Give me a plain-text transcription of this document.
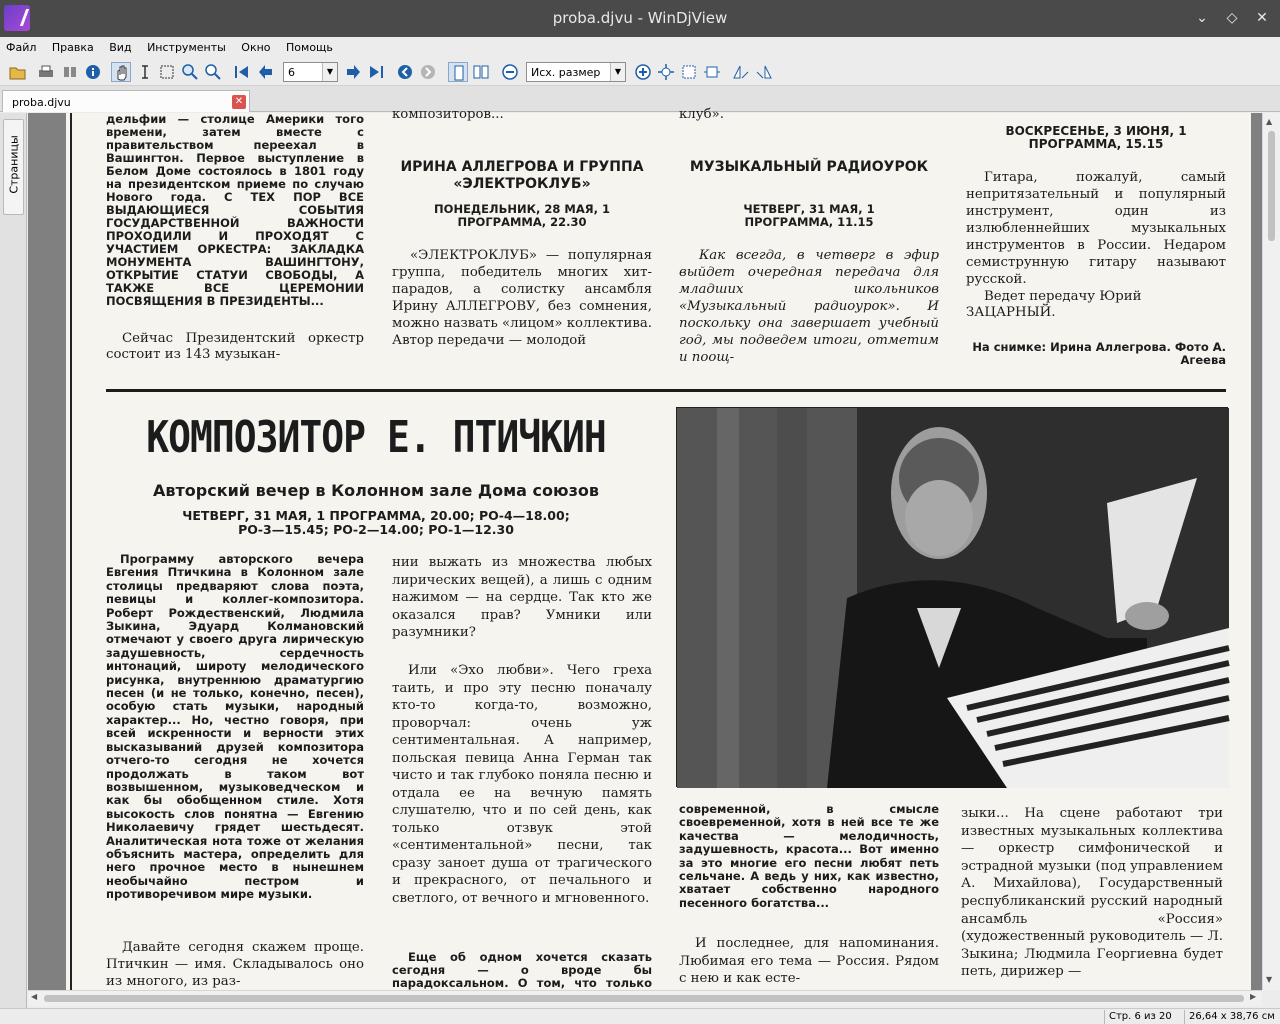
proba.djvu - WinDjView	⌄	◇	✕
Файл Правка Вид Инструменты Окно Помощь
6	▼	Исх. размер	▼
proba.djvu	✕
Страницы
дельфии — столице Америки того времени, затем вместе с правительством переехал в Вашингтон. Первое выступление в Белом Доме состоялось в 1801 году на президентском приеме по случаю Нового года. С ТЕХ ПОР ВСЕ ВЫДАЮЩИЕСЯ СОБЫТИЯ ГОСУДАРСТВЕННОЙ ВАЖНОСТИ ПРОХОДИЛИ И ПРОХОДЯТ С УЧАСТИЕМ ОРКЕСТРА: ЗАКЛАДКА МОНУМЕНТА ВАШИНГТОНУ, ОТКРЫТИЕ СТАТУИ СВОБОДЫ, А ТАКЖЕ ВСЕ ЦЕРЕМОНИИ ПОСВЯЩЕНИЯ В ПРЕЗИДЕНТЫ...
Сейчас Президентский оркестр состоит из 143 музыкан-
композиторов...
ИРИНА АЛЛЕГРОВА И ГРУППА «ЭЛЕКТРОКЛУБ»
ПОНЕДЕЛЬНИК, 28 МАЯ, 1 ПРОГРАММА, 22.30
«ЭЛЕКТРОКЛУБ» — популярная группа, победитель многих хит-парадов, а солистку ансамбля Ирину АЛЛЕГРОВУ, без сомнения, можно назвать «лицом» коллектива. Автор передачи — молодой
клуб».
МУЗЫКАЛЬНЫЙ РАДИОУРОК
ЧЕТВЕРГ, 31 МАЯ, 1 ПРОГРАММА, 11.15
Как всегда, в четверг в эфир выйдет очередная передача для младших школьников «Музыкальный радиоурок». И поскольку она завершает учебный год, мы подведем итоги, отметим и поощ-
ВОСКРЕСЕНЬЕ, 3 ИЮНЯ, 1 ПРОГРАММА, 15.15
Гитара, пожалуй, самый непритязательный и популярный инструмент, один из излюбленнейших музыкальных инструментов в России. Недаром семиструнную гитару называют русской.
Ведет передачу Юрий ЗАЦАРНЫЙ.
На снимке: Ирина Аллегрова. Фото А. Агеева
КОМПОЗИТОР Е. ПТИЧКИН
Авторский вечер в Колонном зале Дома союзов
ЧЕТВЕРГ, 31 МАЯ, 1 ПРОГРАММА, 20.00; РО-4—18.00; РО-3—15.45; РО-2—14.00; РО-1—12.30
Программу авторского вечера Евгения Птичкина в Колонном зале столицы предваряют слова поэта, певицы и коллег-композитора. Роберт Рождественский, Людмила Зыкина, Эдуард Колмановский отмечают у своего друга лирическую задушевность, сердечность интонаций, широту мелодического рисунка, внутреннюю драматургию песен (и не только, конечно, песен), особую стать музыки, народный характер... Но, честно говоря, при всей искренности и верности этих высказываний друзей композитора отчего-то сегодня не хочется продолжать в таком вот возвышенном, музыковедческом и как бы обобщенном стиле. Хотя высокость слов понятна — Евгению Николаевичу грядет шестьдесят. Аналитическая нота тоже от желания объяснить мастера, определить для него прочное место в нынешнем необычайно пестром и противоречивом мире музыки.
Давайте сегодня скажем проще. Птичкин — имя. Складывалось оно из многого, из раз-
нии выжать из множества любых лирических вещей), а лишь с одним нажимом — на сердце. Так кто же оказался прав? Умники или разумники?
Или «Эхо любви». Чего греха таить, и про эту песню поначалу кто-то когда-то, возможно, проворчал: очень уж сентиментальная. А например, польская певица Анна Герман так чисто и так глубоко поняла песню и отдала ее на вечную память слушателю, что и по сей день, как только отзвук этой «сентиментальной» песни, так сразу заноет душа от трагического и прекрасного, от печального и светлого, от вечного и мгновенного.
Еще об одном хочется сказать сегодня — о вроде бы парадоксальном. О том, что только
современной, в смысле своевременной, хотя в ней все те же качества — мелодичность, задушевность, красота... Вот именно за это многие его песни любят петь сельчане. А ведь у них, как известно, хватает собственно народного песенного богатства...
И последнее, для напоминания. Любимая его тема — Россия. Рядом с нею и как есте-
зыки... На сцене работают три известных музыкальных коллектива — оркестр симфонической и эстрадной музыки (под управлением А. Михайлова), Государственный республиканский русский народный ансамбль «Россия» (художественный руководитель — Л. Зыкина; Людмила Георгиевна будет петь, дирижер —
▲
▼
◀	▶
Стр. 6 из 20	26,64 x 38,76 см
